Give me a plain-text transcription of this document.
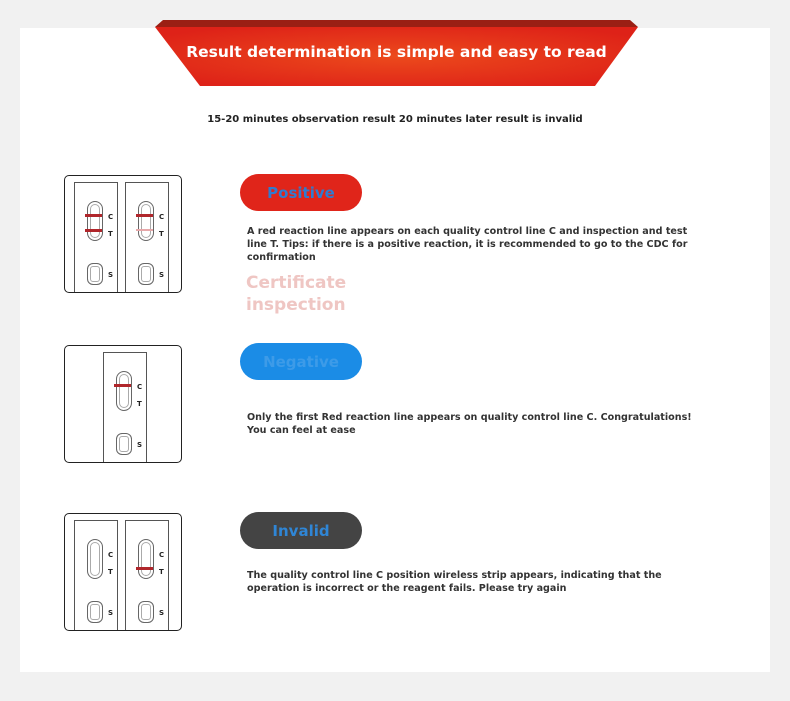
Result determination is simple and easy to read
15-20 minutes observation result 20 minutes later result is invalid
Certificate inspection
C
T
S
C
T
S
Positive
A red reaction line appears on each quality control line C and inspection and test line T. Tips: if there is a positive reaction, it is recommended to go to the CDC for confirmation
C
T
S
Negative
Only the first Red reaction line appears on quality control line C. Congratulations! You can feel at ease
C
T
S
C
T
S
Invalid
The quality control line C position wireless strip appears, indicating that the operation is incorrect or the reagent fails. Please try again
